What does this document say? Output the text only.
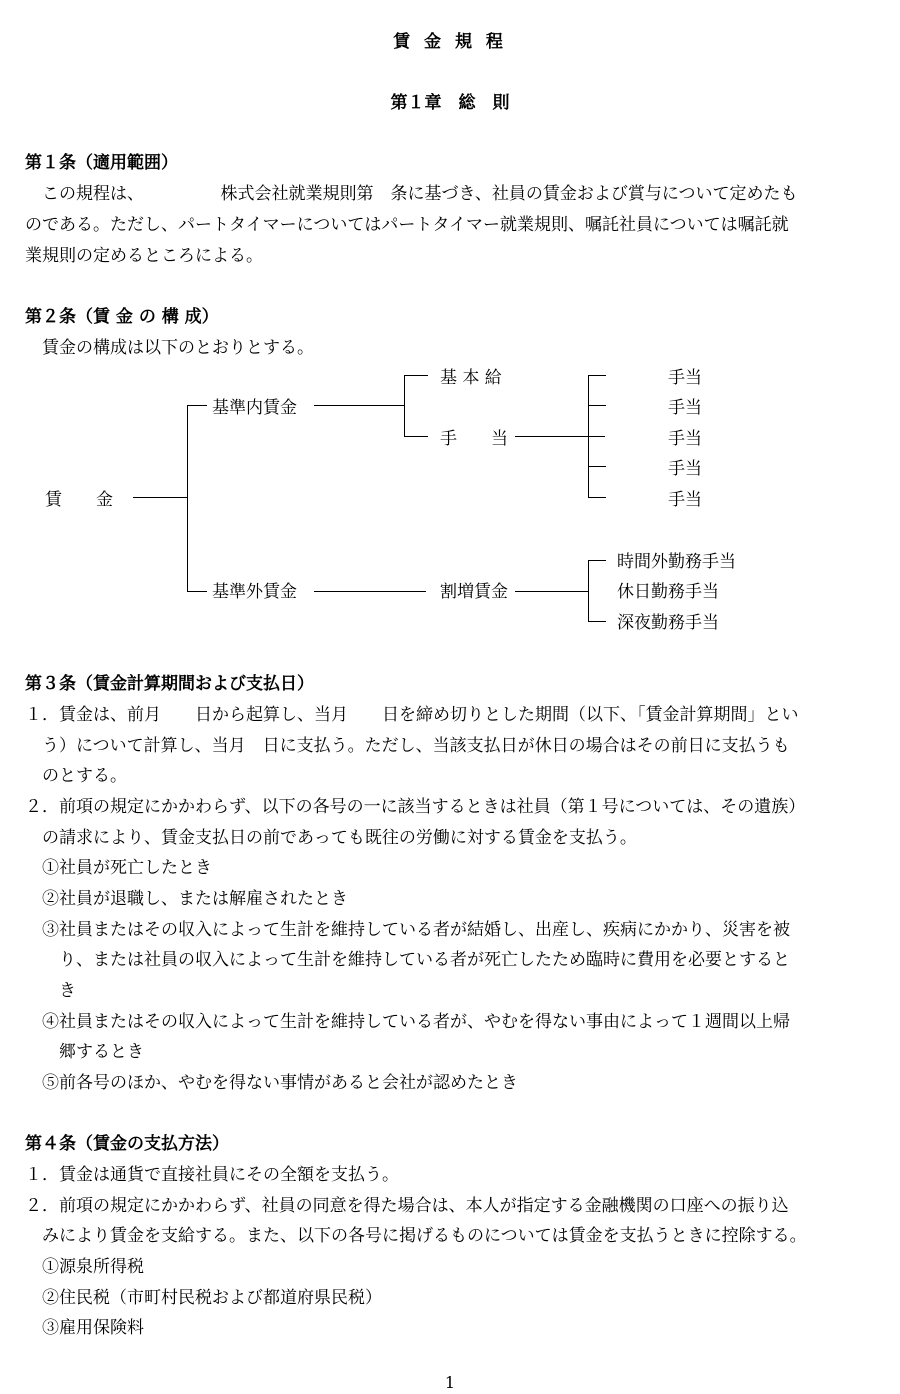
賃 金 規 程
第１章　総　則
第１条（適用範囲）
　この規程は、　　　　　株式会社就業規則第　条に基づき、社員の賃金および賞与について定めたも
のである。ただし、パートタイマーについてはパートタイマー就業規則、嘱託社員については嘱託就
業規則の定めるところによる。
第２条（賃 金 の 構 成）
　賃金の構成は以下のとおりとする。
賃　　金
基準内賃金
基準外賃金
基 本 給
手　　当
割増賃金
手当
手当
手当
手当
手当
時間外勤務手当
休日勤務手当
深夜勤務手当
第３条（賃金計算期間および支払日）
１．賃金は、前月　　日から起算し、当月　　日を締め切りとした期間（以下、「賃金計算期間」とい
　う）について計算し、当月　日に支払う。ただし、当該支払日が休日の場合はその前日に支払うも
　のとする。
２．前項の規定にかかわらず、以下の各号の一に該当するときは社員（第１号については、その遺族）
　の請求により、賃金支払日の前であっても既往の労働に対する賃金を支払う。
　①社員が死亡したとき
　②社員が退職し、または解雇されたとき
　③社員またはその収入によって生計を維持している者が結婚し、出産し、疾病にかかり、災害を被
　　り、または社員の収入によって生計を維持している者が死亡したため臨時に費用を必要とすると
　　き
　④社員またはその収入によって生計を維持している者が、やむを得ない事由によって１週間以上帰
　　郷するとき
　⑤前各号のほか、やむを得ない事情があると会社が認めたとき
第４条（賃金の支払方法）
１．賃金は通貨で直接社員にその全額を支払う。
２．前項の規定にかかわらず、社員の同意を得た場合は、本人が指定する金融機関の口座への振り込
　みにより賃金を支給する。また、以下の各号に掲げるものについては賃金を支払うときに控除する。
　①源泉所得税
　②住民税（市町村民税および都道府県民税）
　③雇用保険料
1
